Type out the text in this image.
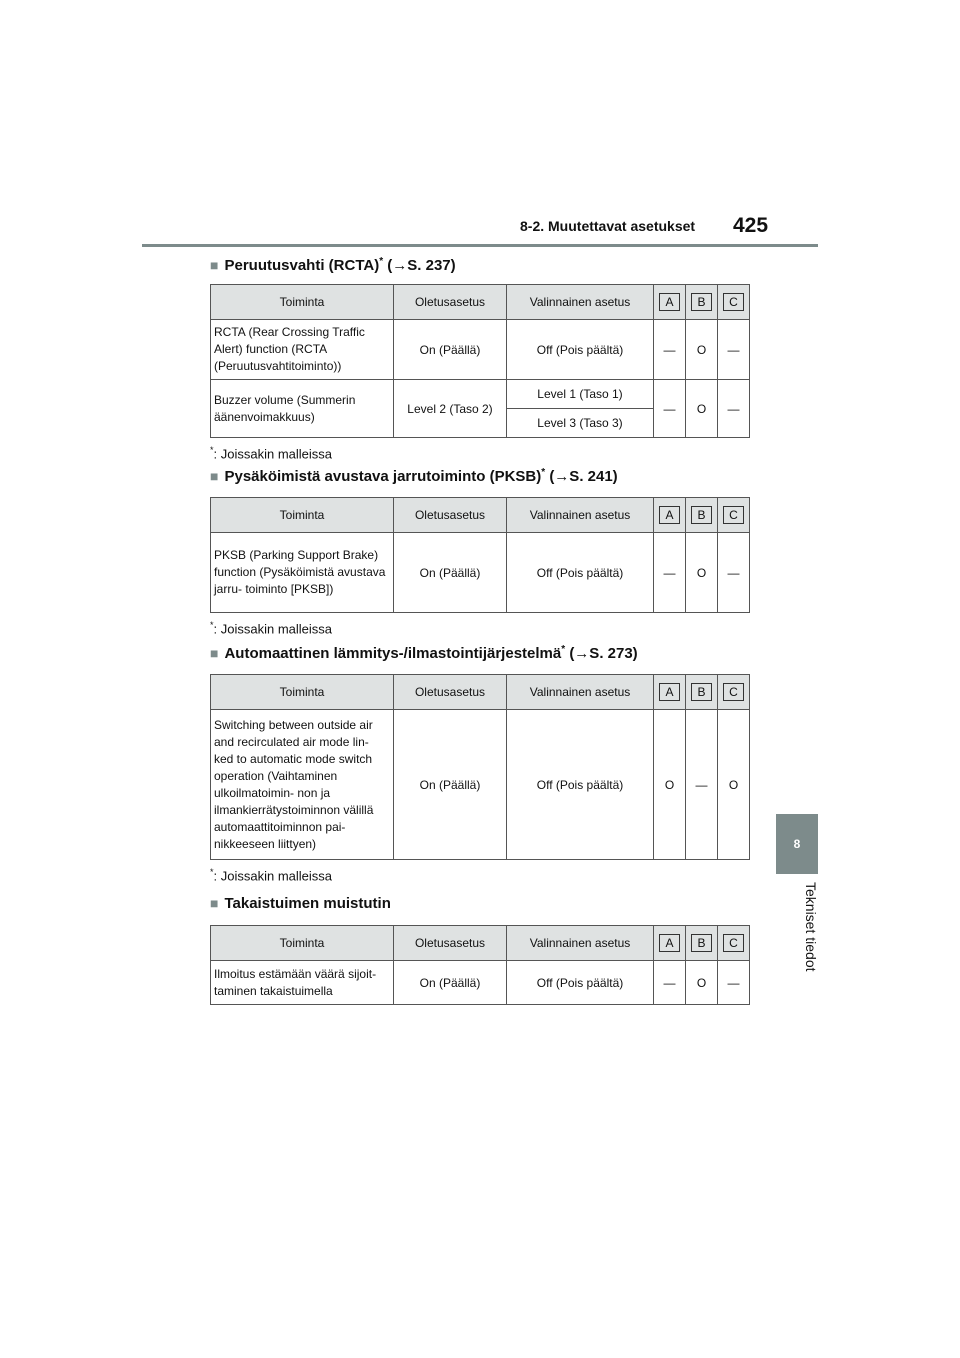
8-2. Muutettavat asetukset 425
8
Tekniset tiedot
■ Peruutusvahti (RCTA)* (→S. 237)
Toiminta	Oletusasetus	Valinnainen asetus	A	B	C
RCTA (Rear Crossing Traffic Alert) function (RCTA (Peruutusvahtitoiminto))	On (Päällä)	Off (Pois päältä)	—	O	—
Buzzer volume (Summerin äänenvoimakkuus)	Level 2 (Taso 2)	Level 1 (Taso 1)	—	O	—
		Level 3 (Taso 3)			
*: Joissakin malleissa
■ Pysäköimistä avustava jarrutoiminto (PKSB)* (→S. 241)
Toiminta	Oletusasetus	Valinnainen asetus	A	B	C
PKSB (Parking Support Brake) function (Pysäköimistä avustava jarru- toiminto [PKSB])	On (Päällä)	Off (Pois päältä)	—	O	—
*: Joissakin malleissa
■ Automaattinen lämmitys-/ilmastointijärjestelmä* (→S. 273)
Toiminta	Oletusasetus	Valinnainen asetus	A	B	C
Switching between outside air and recirculated air mode lin- ked to automatic mode switch operation (Vaihtaminen ulkoilmatoimin- non ja ilmankierrätystoiminnon välillä automaattitoiminnon pai- nikkeeseen liittyen)	On (Päällä)	Off (Pois päältä)	O	—	O
*: Joissakin malleissa
■ Takaistuimen muistutin
Toiminta	Oletusasetus	Valinnainen asetus	A	B	C
Ilmoitus estämään väärä sijoit- taminen takaistuimella	On (Päällä)	Off (Pois päältä)	—	O	—
